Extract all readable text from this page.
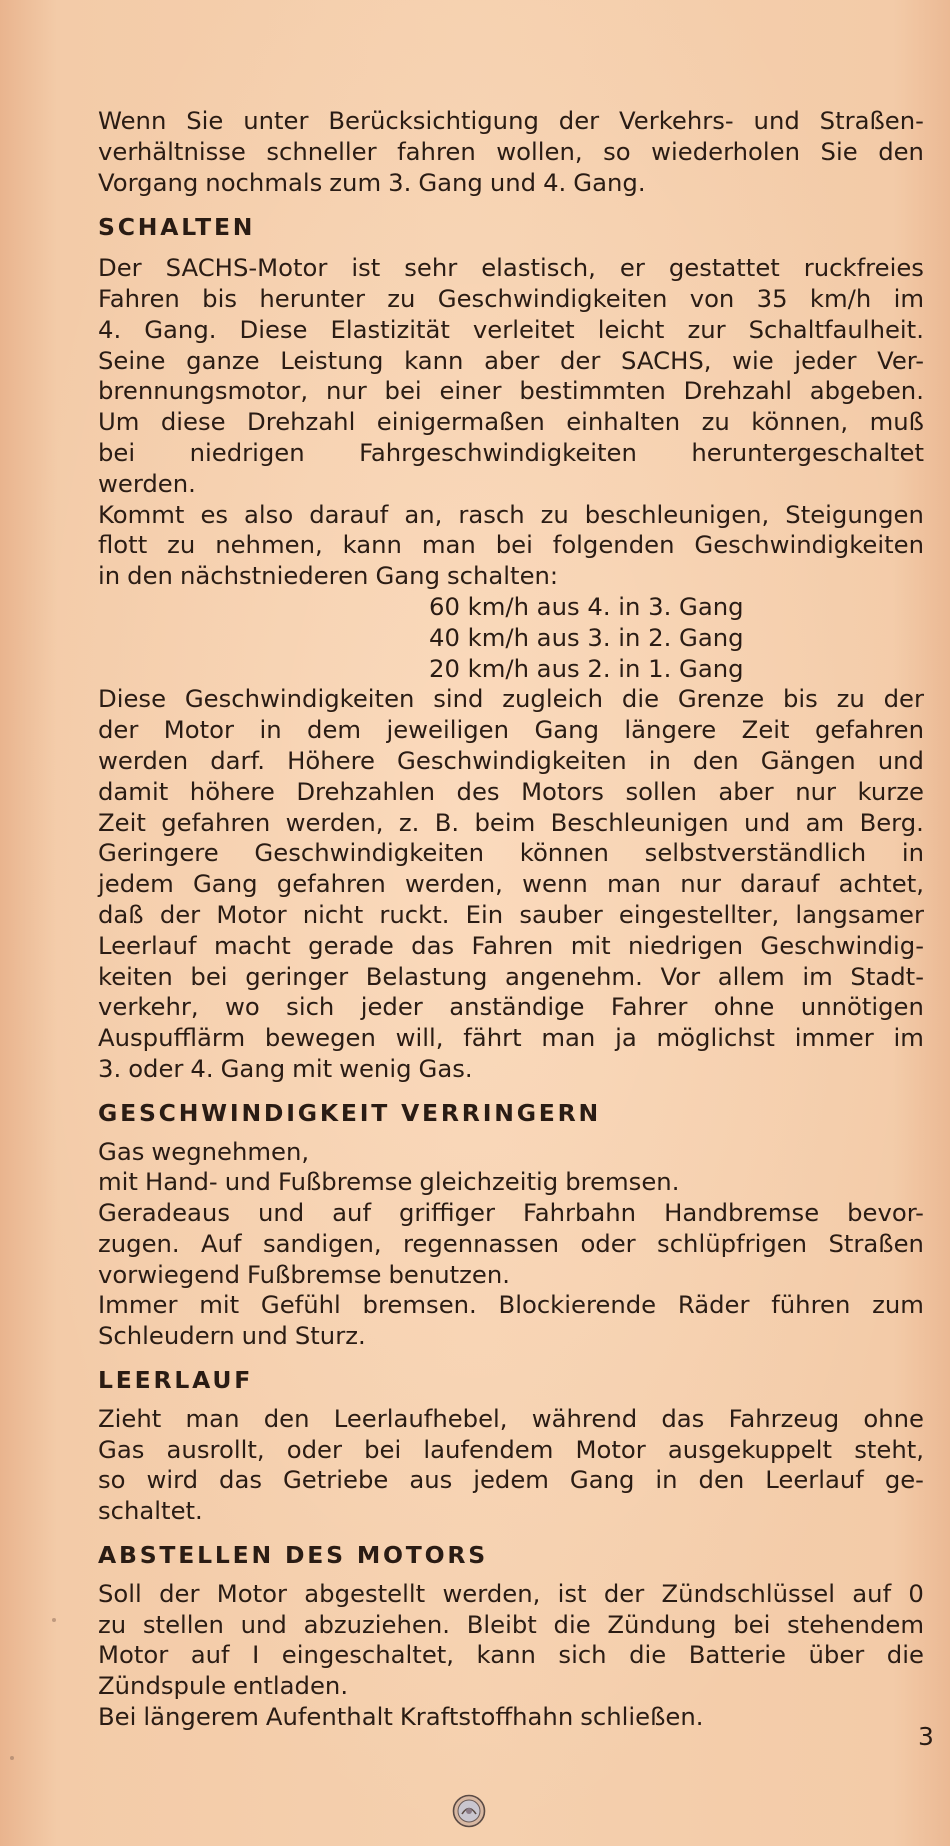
Wenn Sie unter Berücksichtigung der Verkehrs- und Straßen-
verhältnisse schneller fahren wollen, so wiederholen Sie den
Vorgang nochmals zum 3. Gang und 4. Gang.
SCHALTEN
Der SACHS-Motor ist sehr elastisch, er gestattet ruckfreies
Fahren bis herunter zu Geschwindigkeiten von 35 km/h im
4. Gang. Diese Elastizität verleitet leicht zur Schaltfaulheit.
Seine ganze Leistung kann aber der SACHS, wie jeder Ver-
brennungsmotor, nur bei einer bestimmten Drehzahl abgeben.
Um diese Drehzahl einigermaßen einhalten zu können, muß
bei niedrigen Fahrgeschwindigkeiten heruntergeschaltet
werden.
Kommt es also darauf an, rasch zu beschleunigen, Steigungen
flott zu nehmen, kann man bei folgenden Geschwindigkeiten
in den nächstniederen Gang schalten:
60 km/h aus 4. in 3. Gang
40 km/h aus 3. in 2. Gang
20 km/h aus 2. in 1. Gang
Diese Geschwindigkeiten sind zugleich die Grenze bis zu der
der Motor in dem jeweiligen Gang längere Zeit gefahren
werden darf. Höhere Geschwindigkeiten in den Gängen und
damit höhere Drehzahlen des Motors sollen aber nur kurze
Zeit gefahren werden, z. B. beim Beschleunigen und am Berg.
Geringere Geschwindigkeiten können selbstverständlich in
jedem Gang gefahren werden, wenn man nur darauf achtet,
daß der Motor nicht ruckt. Ein sauber eingestellter, langsamer
Leerlauf macht gerade das Fahren mit niedrigen Geschwindig-
keiten bei geringer Belastung angenehm. Vor allem im Stadt-
verkehr, wo sich jeder anständige Fahrer ohne unnötigen
Auspufflärm bewegen will, fährt man ja möglichst immer im
3. oder 4. Gang mit wenig Gas.
GESCHWINDIGKEIT VERRINGERN
Gas wegnehmen,
mit Hand- und Fußbremse gleichzeitig bremsen.
Geradeaus und auf griffiger Fahrbahn Handbremse bevor-
zugen. Auf sandigen, regennassen oder schlüpfrigen Straßen
vorwiegend Fußbremse benutzen.
Immer mit Gefühl bremsen. Blockierende Räder führen zum
Schleudern und Sturz.
LEERLAUF
Zieht man den Leerlaufhebel, während das Fahrzeug ohne
Gas ausrollt, oder bei laufendem Motor ausgekuppelt steht,
so wird das Getriebe aus jedem Gang in den Leerlauf ge-
schaltet.
ABSTELLEN DES MOTORS
Soll der Motor abgestellt werden, ist der Zündschlüssel auf 0
zu stellen und abzuziehen. Bleibt die Zündung bei stehendem
Motor auf I eingeschaltet, kann sich die Batterie über die
Zündspule entladen.
Bei längerem Aufenthalt Kraftstoffhahn schließen.
3
